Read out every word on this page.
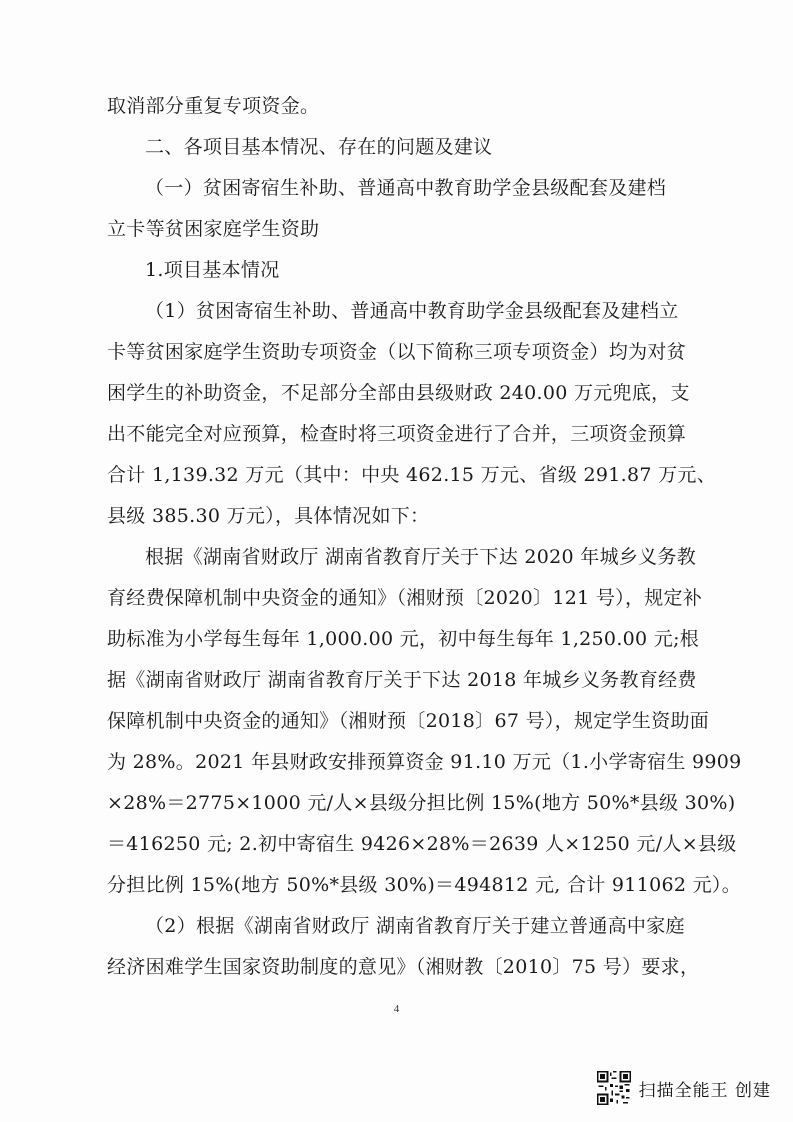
取消部分重复专项资金。
二、各项目基本情况、存在的问题及建议
（一）贫困寄宿生补助、普通高中教育助学金县级配套及建档
立卡等贫困家庭学生资助
1.项目基本情况
（1）贫困寄宿生补助、普通高中教育助学金县级配套及建档立
卡等贫困家庭学生资助专项资金（以下简称三项专项资金）均为对贫
困学生的补助资金，不足部分全部由县级财政 240.00 万元兜底，支
出不能完全对应预算，检查时将三项资金进行了合并，三项资金预算
合计 1,139.32 万元（其中：中央 462.15 万元、省级 291.87 万元、
县级 385.30 万元），具体情况如下：
根据《湖南省财政厅 湖南省教育厅关于下达 2020 年城乡义务教
育经费保障机制中央资金的通知》（湘财预〔2020〕121 号），规定补
助标准为小学每生每年 1,000.00 元，初中每生每年 1,250.00 元;根
据《湖南省财政厅 湖南省教育厅关于下达 2018 年城乡义务教育经费
保障机制中央资金的通知》（湘财预〔2018〕67 号），规定学生资助面
为 28%。2021 年县财政安排预算资金 91.10 万元（1.小学寄宿生 9909
×28%＝2775×1000 元/人×县级分担比例 15%(地方 50%*县级 30%)
＝416250 元; 2.初中寄宿生 9426×28%＝2639 人×1250 元/人×县级
分担比例 15%(地方 50%*县级 30%)＝494812 元, 合计 911062 元）。
（2）根据《湖南省财政厅 湖南省教育厅关于建立普通高中家庭
经济困难学生国家资助制度的意见》（湘财教〔2010〕75 号）要求，
4
扫描全能王 创建
